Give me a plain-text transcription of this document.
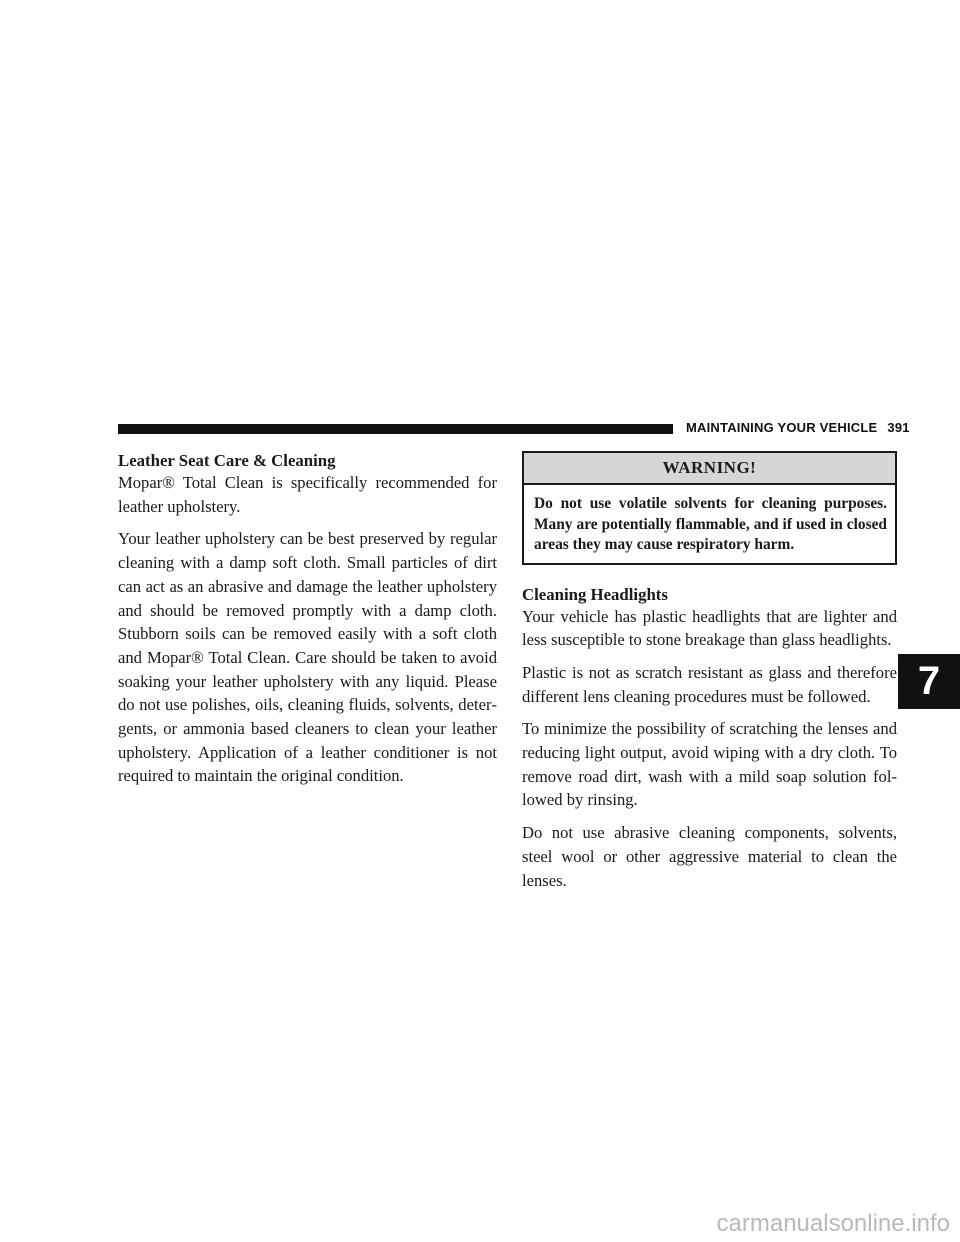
MAINTAINING YOUR VEHICLE 391
Leather Seat Care & Cleaning

Mopar® Total Clean is specifically recommended for leather upholstery.

Your leather upholstery can be best preserved by regular cleaning with a damp soft cloth. Small particles of dirt can act as an abrasive and damage the leather upholstery and should be removed promptly with a damp cloth. Stubborn soils can be removed easily with a soft cloth and Mopar® Total Clean. Care should be taken to avoid soaking your leather upholstery with any liquid. Please do not use polishes, oils, cleaning fluids, solvents, detergents, or ammonia based cleaners to clean your leather upholstery. Application of a leather conditioner is not required to maintain the original condition.

WARNING!
Do not use volatile solvents for cleaning purposes. Many are potentially flammable, and if used in closed areas they may cause respiratory harm.
Cleaning Headlights

Your vehicle has plastic headlights that are lighter and less susceptible to stone breakage than glass headlights.

Plastic is not as scratch resistant as glass and therefore different lens cleaning procedures must be followed.

To minimize the possibility of scratching the lenses and reducing light output, avoid wiping with a dry cloth. To remove road dirt, wash with a mild soap solution followed by rinsing.

Do not use abrasive cleaning components, solvents, steel wool or other aggressive material to clean the lenses.

7
carmanualsonline.info
